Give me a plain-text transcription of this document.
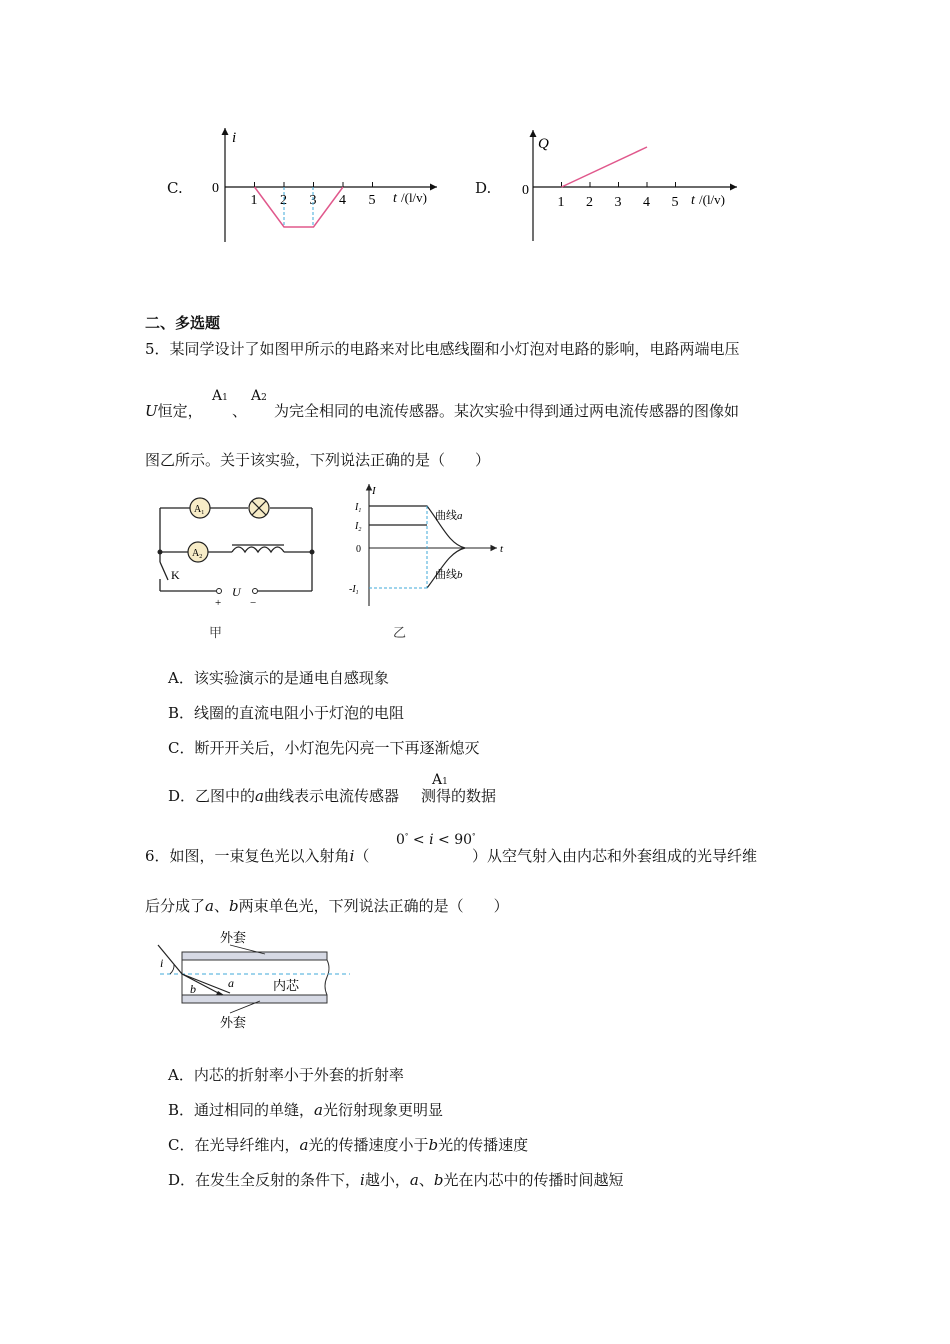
C.
i
0
1 2 3 4 5 t /(l/v)
D.
Q
0
1 2 3 4 5 t /(l/v)
二、多选题
5．某同学设计了如图甲所示的电路来对比电感线圈和小灯泡对电路的影响，电路两端电压
U恒定，
A1
、
A2
为完全相同的电流传感器。某次实验中得到通过两电流传感器的图像如
图乙所示。关于该实验，下列说法正确的是（　　）
$A_1$
$A_2$
K
+
U
−
甲
I
t
$I_1$
$I_2$
0
$-I_1$
曲线a
曲线b
乙
A．该实验演示的是通电自感现象
B．线圈的直流电阻小于灯泡的电阻
C．断开开关后，小灯泡先闪亮一下再逐渐熄灭
D．乙图中的a曲线表示电流传感器 测得的数据
A1
6．如图，一束复色光以入射角i（
0° < i < 90°
）从空气射入由内芯和外套组成的光导纤维
后分成了a、b两束单色光，下列说法正确的是（　　）
外套
外套
内芯
i
a
b
A．内芯的折射率小于外套的折射率
B．通过相同的单缝，a光衍射现象更明显
C．在光导纤维内，a光的传播速度小于b光的传播速度
D．在发生全反射的条件下，i越小，a、b光在内芯中的传播时间越短
